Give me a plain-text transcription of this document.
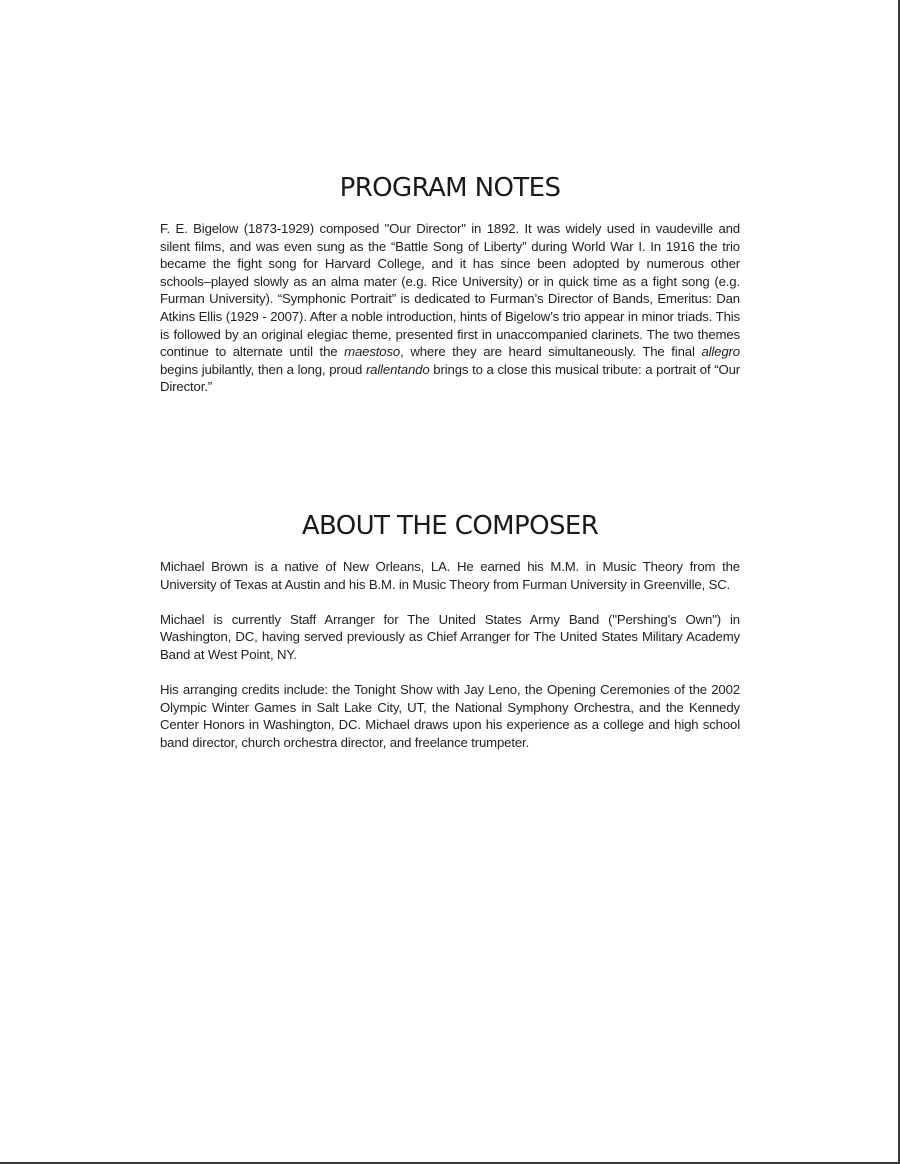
PROGRAM NOTES

F. E. Bigelow (1873-1929) composed "Our Director" in 1892. It was widely used in vaudeville and silent films, and was even sung as the “Battle Song of Liberty” during World War I. In 1916 the trio became the fight song for Harvard College, and it has since been adopted by numerous other schools–played slowly as an alma mater (e.g. Rice University) or in quick time as a fight song (e.g. Furman University). “Symphonic Portrait” is dedicated to Furman’s Director of Bands, Emeritus: Dan Atkins Ellis (1929 - 2007). After a noble introduction, hints of Bigelow’s trio appear in minor triads. This is followed by an original elegiac theme, presented first in unaccompanied clarinets. The two themes continue to alternate until the maestoso, where they are heard simultaneously. The final allegro begins jubilantly, then a long, proud rallentando brings to a close this musical tribute: a portrait of “Our Director.”

ABOUT THE COMPOSER

Michael Brown is a native of New Orleans, LA. He earned his M.M. in Music Theory from the University of Texas at Austin and his B.M. in Music Theory from Furman University in Greenville, SC.

Michael is currently Staff Arranger for The United States Army Band ("Pershing's Own") in Washington, DC, having served previously as Chief Arranger for The United States Military Academy Band at West Point, NY.

His arranging credits include: the Tonight Show with Jay Leno, the Opening Ceremonies of the 2002 Olympic Winter Games in Salt Lake City, UT, the National Symphony Orchestra, and the Kennedy Center Honors in Washington, DC. Michael draws upon his experience as a college and high school band director, church orchestra director, and freelance trumpeter.
